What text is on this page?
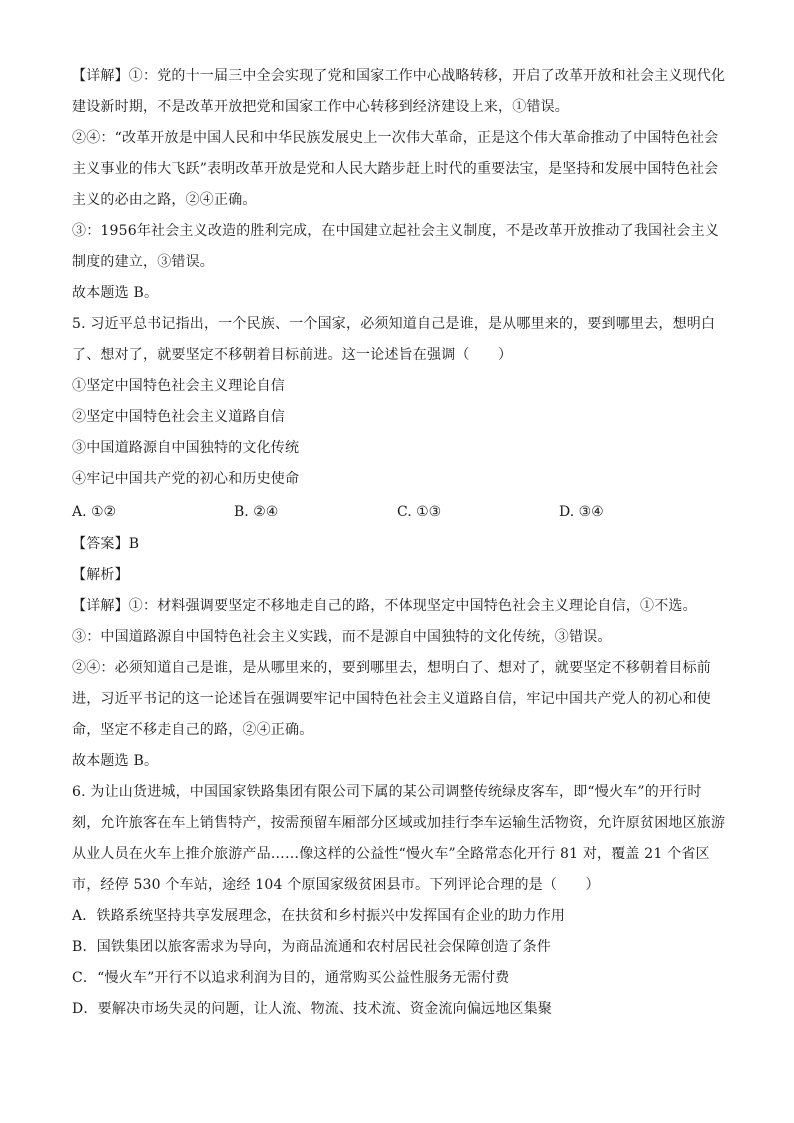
【详解】①：党的十一届三中全会实现了党和国家工作中心战略转移，开启了改革开放和社会主义现代化
建设新时期，不是改革开放把党和国家工作中心转移到经济建设上来，①错误。
②④：“改革开放是中国人民和中华民族发展史上一次伟大革命，正是这个伟大革命推动了中国特色社会
主义事业的伟大飞跃”表明改革开放是党和人民大踏步赶上时代的重要法宝，是坚持和发展中国特色社会
主义的必由之路，②④正确。
③：1956年社会主义改造的胜利完成，在中国建立起社会主义制度，不是改革开放推动了我国社会主义
制度的建立，③错误。
故本题选 B。
5. 习近平总书记指出，一个民族、一个国家，必须知道自己是谁，是从哪里来的，要到哪里去，想明白
了、想对了，就要坚定不移朝着目标前进。这一论述旨在强调（　　）
①坚定中国特色社会主义理论自信
②坚定中国特色社会主义道路自信
③中国道路源自中国独特的文化传统
④牢记中国共产党的初心和历史使命
A. ①②	B. ②④	C. ①③	D. ③④
【答案】B
【解析】
【详解】①：材料强调要坚定不移地走自己的路，不体现坚定中国特色社会主义理论自信，①不选。
③：中国道路源自中国特色社会主义实践，而不是源自中国独特的文化传统，③错误。
②④：必须知道自己是谁，是从哪里来的，要到哪里去，想明白了、想对了，就要坚定不移朝着目标前
进，习近平书记的这一论述旨在强调要牢记中国特色社会主义道路自信，牢记中国共产党人的初心和使
命，坚定不移走自己的路，②④正确。
故本题选 B。
6. 为让山货进城，中国国家铁路集团有限公司下属的某公司调整传统绿皮客车，即“慢火车”的开行时
刻，允许旅客在车上销售特产，按需预留车厢部分区域或加挂行李车运输生活物资，允许原贫困地区旅游
从业人员在火车上推介旅游产品……像这样的公益性“慢火车”全路常态化开行 81 对，覆盖 21 个省区
市，经停 530 个车站，途经 104 个原国家级贫困县市。下列评论合理的是（　　）
A．铁路系统坚持共享发展理念，在扶贫和乡村振兴中发挥国有企业的助力作用
B．国铁集团以旅客需求为导向，为商品流通和农村居民社会保障创造了条件
C．“慢火车”开行不以追求利润为目的，通常购买公益性服务无需付费
D．要解决市场失灵的问题，让人流、物流、技术流、资金流向偏远地区集聚
